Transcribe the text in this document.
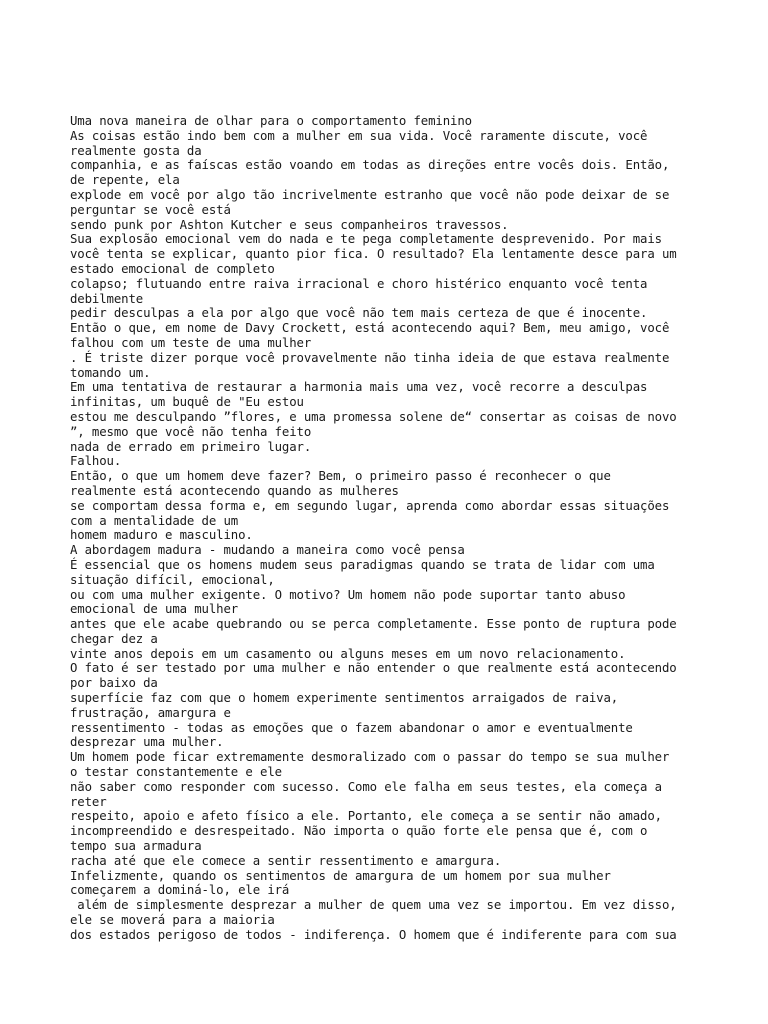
Uma nova maneira de olhar para o comportamento feminino
As coisas estão indo bem com a mulher em sua vida. Você raramente discute, você
realmente gosta da
companhia, e as faíscas estão voando em todas as direções entre vocês dois. Então,
de repente, ela
explode em você por algo tão incrivelmente estranho que você não pode deixar de se
perguntar se você está
sendo punk por Ashton Kutcher e seus companheiros travessos.
Sua explosão emocional vem do nada e te pega completamente desprevenido. Por mais
você tenta se explicar, quanto pior fica. O resultado? Ela lentamente desce para um
estado emocional de completo
colapso; flutuando entre raiva irracional e choro histérico enquanto você tenta
debilmente
pedir desculpas a ela por algo que você não tem mais certeza de que é inocente.
Então o que, em nome de Davy Crockett, está acontecendo aqui? Bem, meu amigo, você
falhou com um teste de uma mulher
. É triste dizer porque você provavelmente não tinha ideia de que estava realmente
tomando um.
Em uma tentativa de restaurar a harmonia mais uma vez, você recorre a desculpas
infinitas, um buquê de "Eu estou
estou me desculpando ”flores, e uma promessa solene de“ consertar as coisas de novo
”, mesmo que você não tenha feito
nada de errado em primeiro lugar.
Falhou.
Então, o que um homem deve fazer? Bem, o primeiro passo é reconhecer o que
realmente está acontecendo quando as mulheres
se comportam dessa forma e, em segundo lugar, aprenda como abordar essas situações
com a mentalidade de um
homem maduro e masculino.
A abordagem madura - mudando a maneira como você pensa
É essencial que os homens mudem seus paradigmas quando se trata de lidar com uma
situação difícil, emocional,
ou com uma mulher exigente. O motivo? Um homem não pode suportar tanto abuso
emocional de uma mulher
antes que ele acabe quebrando ou se perca completamente. Esse ponto de ruptura pode
chegar dez a
vinte anos depois em um casamento ou alguns meses em um novo relacionamento.
O fato é ser testado por uma mulher e não entender o que realmente está acontecendo
por baixo da
superfície faz com que o homem experimente sentimentos arraigados de raiva,
frustração, amargura e
ressentimento - todas as emoções que o fazem abandonar o amor e eventualmente
desprezar uma mulher.
Um homem pode ficar extremamente desmoralizado com o passar do tempo se sua mulher
o testar constantemente e ele
não saber como responder com sucesso. Como ele falha em seus testes, ela começa a
reter
respeito, apoio e afeto físico a ele. Portanto, ele começa a se sentir não amado,
incompreendido e desrespeitado. Não importa o quão forte ele pensa que é, com o
tempo sua armadura
racha até que ele comece a sentir ressentimento e amargura.
Infelizmente, quando os sentimentos de amargura de um homem por sua mulher
começarem a dominá-lo, ele irá
além de simplesmente desprezar a mulher de quem uma vez se importou. Em vez disso,
ele se moverá para a maioria
dos estados perigoso de todos - indiferença. O homem que é indiferente para com sua
